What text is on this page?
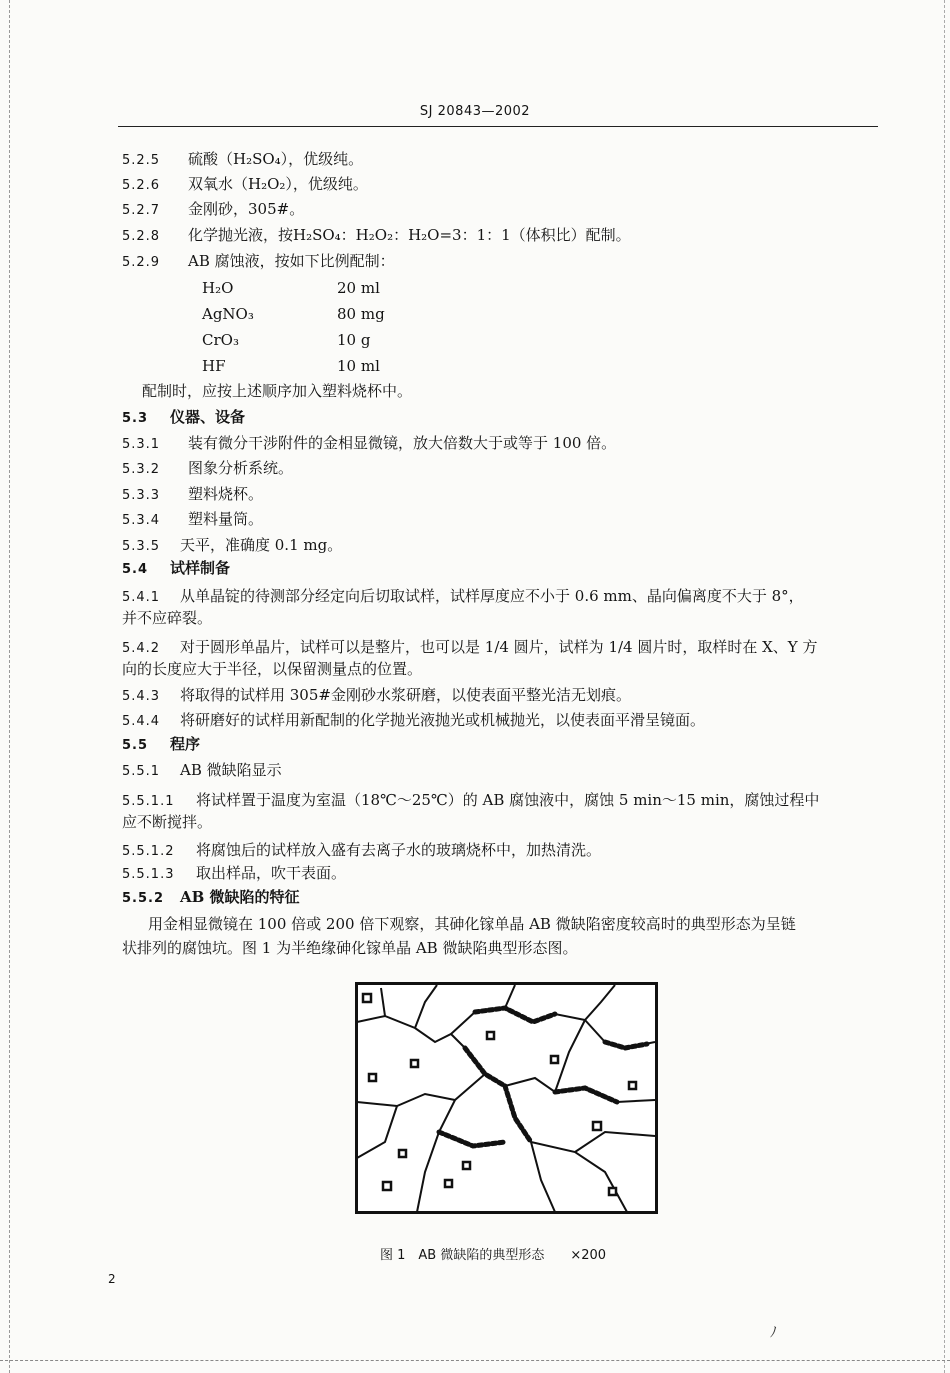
SJ 20843—2002
5.2.5 硫酸（H₂SO₄），优级纯。
5.2.6 双氧水（H₂O₂），优级纯。
5.2.7 金刚砂，305#。
5.2.8 化学抛光液，按H₂SO₄：H₂O₂：H₂O=3：1：1（体积比）配制。
5.2.9 AB 腐蚀液，按如下比例配制：
H₂O	20 ml
AgNO₃	80 mg
CrO₃	10 g
HF	10 ml
配制时，应按上述顺序加入塑料烧杯中。
5.3 仪器、设备
5.3.1 装有微分干涉附件的金相显微镜，放大倍数大于或等于 100 倍。
5.3.2 图象分析系统。
5.3.3 塑料烧杯。
5.3.4 塑料量筒。
5.3.5 天平，准确度 0.1 mg。
5.4 试样制备
5.4.1 从单晶锭的待测部分经定向后切取试样，试样厚度应不小于 0.6 mm、晶向偏离度不大于 8°，
并不应碎裂。
5.4.2 对于圆形单晶片，试样可以是整片，也可以是 1/4 圆片，试样为 1/4 圆片时，取样时在 X、Y 方
向的长度应大于半径，以保留测量点的位置。
5.4.3 将取得的试样用 305#金刚砂水浆研磨，以使表面平整光洁无划痕。
5.4.4 将研磨好的试样用新配制的化学抛光液抛光或机械抛光，以使表面平滑呈镜面。
5.5 程序
5.5.1 AB 微缺陷显示
5.5.1.1 将试样置于温度为室温（18℃～25℃）的 AB 腐蚀液中，腐蚀 5 min～15 min，腐蚀过程中
应不断搅拌。
5.5.1.2 将腐蚀后的试样放入盛有去离子水的玻璃烧杯中，加热清洗。
5.5.1.3 取出样品，吹干表面。
5.5.2 AB 微缺陷的特征
用金相显微镜在 100 倍或 200 倍下观察，其砷化镓单晶 AB 微缺陷密度较高时的典型形态为呈链
状排列的腐蚀坑。图 1 为半绝缘砷化镓单晶 AB 微缺陷典型形态图。
图 1　AB 微缺陷的典型形态 ×200
2
ﾉ
